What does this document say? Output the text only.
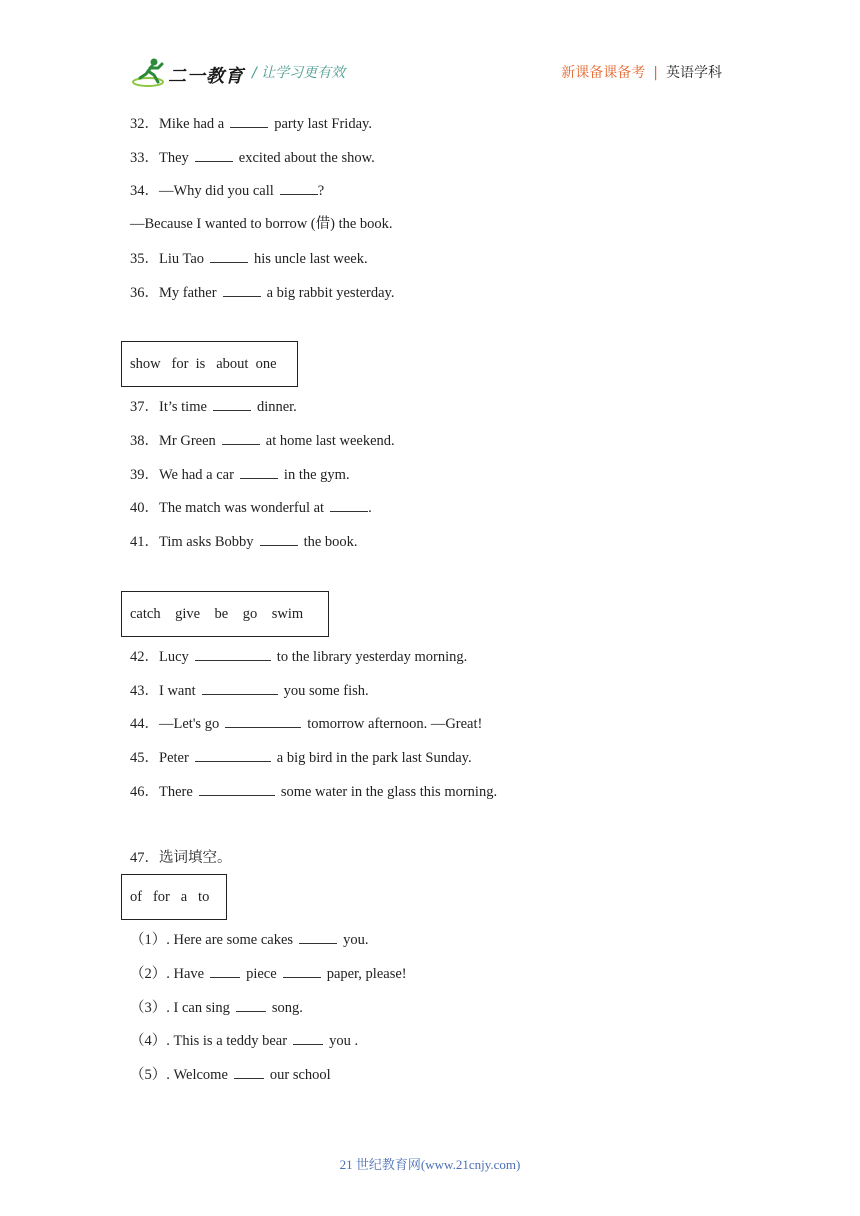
二一教育 / 让学习更有效	新课备课备考 | 英语学科
32．Mike had a	party last Friday.
33．They	excited about the show.
34．—Why did you call	?
—Because I wanted to borrow (借) the book.
35．Liu Tao	his uncle last week.
36．My father	a big rabbit yesterday.
show   for  is   about  one
37．It’s time	dinner.
38．Mr Green	at home last weekend.
39．We had a car	in the gym.
40．The match was wonderful at	.
41．Tim asks Bobby	the book.
catch    give    be    go    swim
42．Lucy	to the library yesterday morning.
43．I want	you some fish.
44．—Let's go	tomorrow afternoon. —Great!
45．Peter	a big bird in the park last Sunday.
46．There	some water in the glass this morning.
47．选词填空。
of   for   a   to
（1）. Here are some cakes	you.
（2）. Have	piece	paper, please!
（3）. I can sing	song.
（4）. This is a teddy bear	you .
（5）. Welcome	our school
21 世纪教育网(www.21cnjy.com)
